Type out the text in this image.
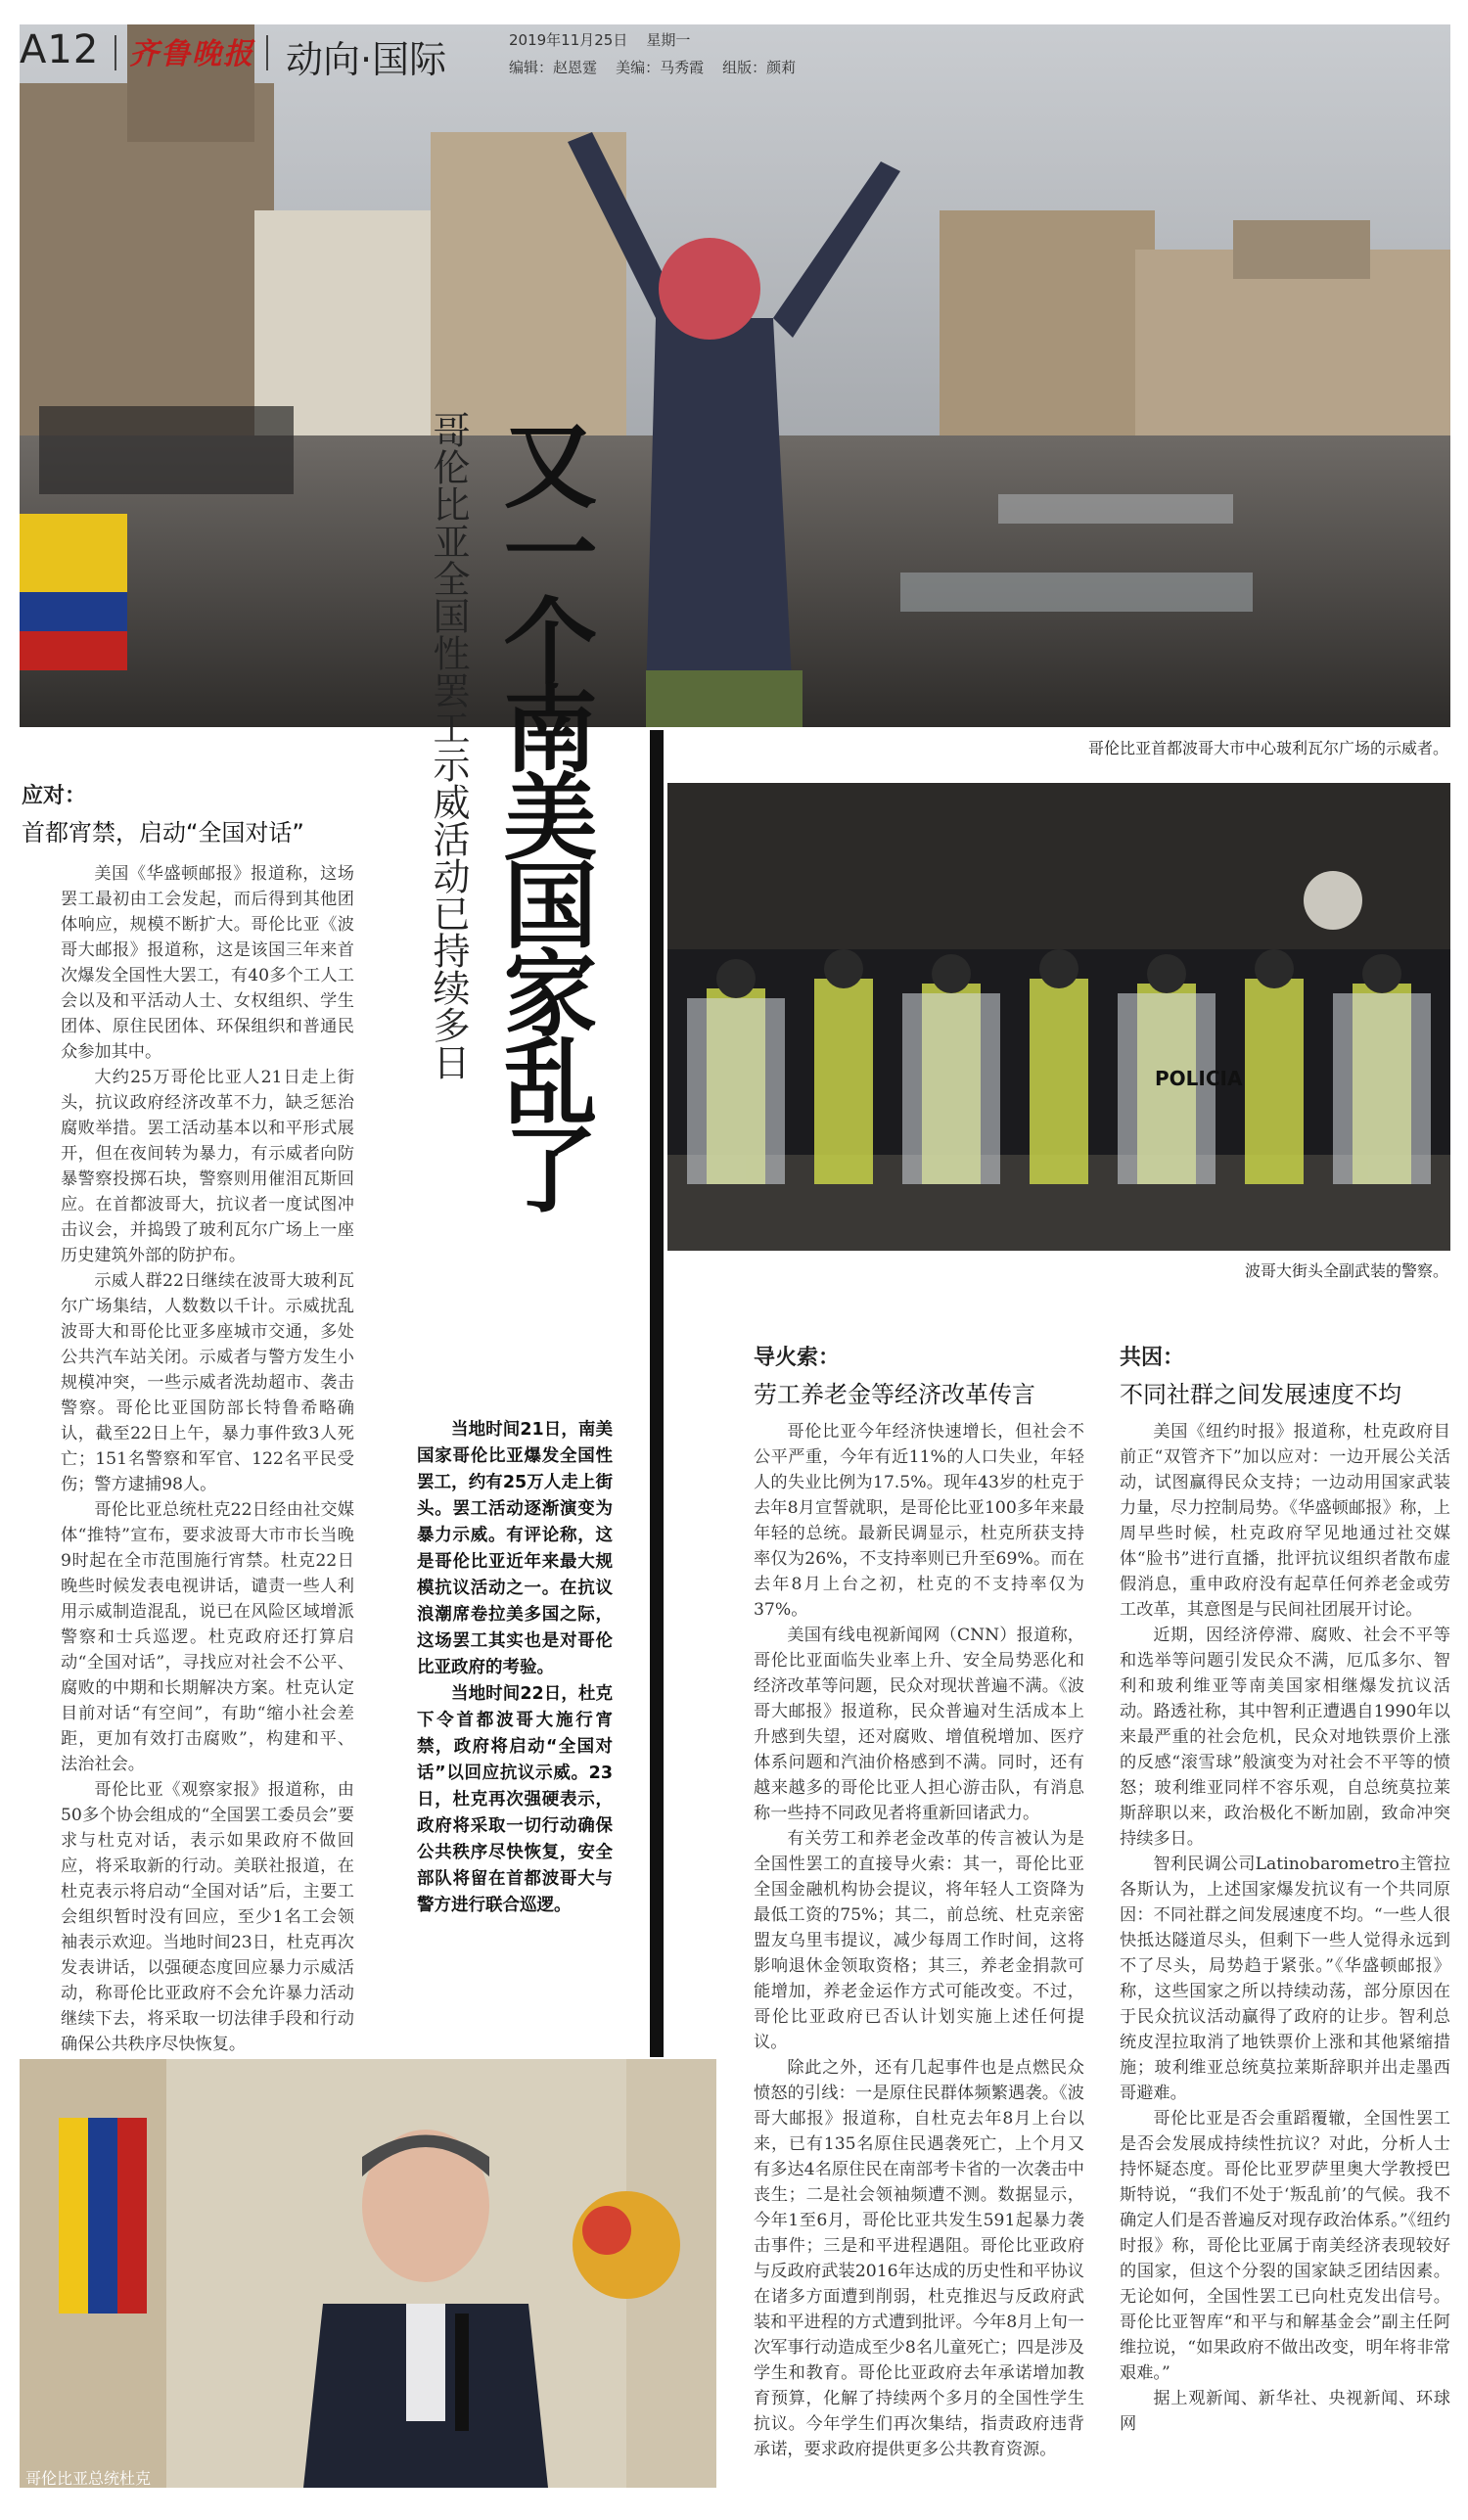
A12 齐鲁晚报 动向·国际	2019年11月25日    星期一
编辑：赵恩霆    美编：马秀霞    组版：颜莉
哥伦比亚首都波哥大市中心玻利瓦尔广场的示威者。
又一个南美国家乱了
哥伦比亚全国性罢工示威活动已持续多日
应对：
首都宵禁，启动“全国对话”

美国《华盛顿邮报》报道称，这场罢工最初由工会发起，而后得到其他团体响应，规模不断扩大。哥伦比亚《波哥大邮报》报道称，这是该国三年来首次爆发全国性大罢工，有40多个工人工会以及和平活动人士、女权组织、学生团体、原住民团体、环保组织和普通民众参加其中。

大约25万哥伦比亚人21日走上街头，抗议政府经济改革不力，缺乏惩治腐败举措。罢工活动基本以和平形式展开，但在夜间转为暴力，有示威者向防暴警察投掷石块，警察则用催泪瓦斯回应。在首都波哥大，抗议者一度试图冲击议会，并捣毁了玻利瓦尔广场上一座历史建筑外部的防护布。

示威人群22日继续在波哥大玻利瓦尔广场集结，人数数以千计。示威扰乱波哥大和哥伦比亚多座城市交通，多处公共汽车站关闭。示威者与警方发生小规模冲突，一些示威者洗劫超市、袭击警察。哥伦比亚国防部长特鲁希略确认，截至22日上午，暴力事件致3人死亡；151名警察和军官、122名平民受伤；警方逮捕98人。

哥伦比亚总统杜克22日经由社交媒体“推特”宣布，要求波哥大市市长当晚9时起在全市范围施行宵禁。杜克22日晚些时候发表电视讲话，谴责一些人利用示威制造混乱，说已在风险区域增派警察和士兵巡逻。杜克政府还打算启动“全国对话”，寻找应对社会不公平、腐败的中期和长期解决方案。杜克认定目前对话“有空间”，有助“缩小社会差距，更加有效打击腐败”，构建和平、法治社会。

哥伦比亚《观察家报》报道称，由50多个协会组成的“全国罢工委员会”要求与杜克对话，表示如果政府不做回应，将采取新的行动。美联社报道，在杜克表示将启动“全国对话”后，主要工会组织暂时没有回应，至少1名工会领袖表示欢迎。当地时间23日，杜克再次发表讲话，以强硬态度回应暴力示威活动，称哥伦比亚政府不会允许暴力活动继续下去，将采取一切法律手段和行动确保公共秩序尽快恢复。

当地时间21日，南美国家哥伦比亚爆发全国性罢工，约有25万人走上街头。罢工活动逐渐演变为暴力示威。有评论称，这是哥伦比亚近年来最大规模抗议活动之一。在抗议浪潮席卷拉美多国之际，这场罢工其实也是对哥伦比亚政府的考验。

当地时间22日，杜克下令首都波哥大施行宵禁，政府将启动“全国对话”以回应抗议示威。23日，杜克再次强硬表示，政府将采取一切行动确保公共秩序尽快恢复，安全部队将留在首都波哥大与警方进行联合巡逻。

POLICIA
波哥大街头全副武装的警察。
导火索：
劳工养老金等经济改革传言

哥伦比亚今年经济快速增长，但社会不公平严重，今年有近11%的人口失业，年轻人的失业比例为17.5%。现年43岁的杜克于去年8月宣誓就职，是哥伦比亚100多年来最年轻的总统。最新民调显示，杜克所获支持率仅为26%，不支持率则已升至69%。而在去年8月上台之初，杜克的不支持率仅为37%。

美国有线电视新闻网（CNN）报道称，哥伦比亚面临失业率上升、安全局势恶化和经济改革等问题，民众对现状普遍不满。《波哥大邮报》报道称，民众普遍对生活成本上升感到失望，还对腐败、增值税增加、医疗体系问题和汽油价格感到不满。同时，还有越来越多的哥伦比亚人担心游击队，有消息称一些持不同政见者将重新回诸武力。

有关劳工和养老金改革的传言被认为是全国性罢工的直接导火索：其一，哥伦比亚全国金融机构协会提议，将年轻人工资降为最低工资的75%；其二，前总统、杜克亲密盟友乌里韦提议，减少每周工作时间，这将影响退休金领取资格；其三，养老金捐款可能增加，养老金运作方式可能改变。不过，哥伦比亚政府已否认计划实施上述任何提议。

除此之外，还有几起事件也是点燃民众愤怒的引线：一是原住民群体频繁遇袭。《波哥大邮报》报道称，自杜克去年8月上台以来，已有135名原住民遇袭死亡，上个月又有多达4名原住民在南部考卡省的一次袭击中丧生；二是社会领袖频遭不测。数据显示，今年1至6月，哥伦比亚共发生591起暴力袭击事件；三是和平进程遇阻。哥伦比亚政府与反政府武装2016年达成的历史性和平协议在诸多方面遭到削弱，杜克推迟与反政府武装和平进程的方式遭到批评。今年8月上旬一次军事行动造成至少8名儿童死亡；四是涉及学生和教育。哥伦比亚政府去年承诺增加教育预算，化解了持续两个多月的全国性学生抗议。今年学生们再次集结，指责政府违背承诺，要求政府提供更多公共教育资源。

共因：
不同社群之间发展速度不均

美国《纽约时报》报道称，杜克政府目前正“双管齐下”加以应对：一边开展公关活动，试图赢得民众支持；一边动用国家武装力量，尽力控制局势。《华盛顿邮报》称，上周早些时候，杜克政府罕见地通过社交媒体“脸书”进行直播，批评抗议组织者散布虚假消息，重申政府没有起草任何养老金或劳工改革，其意图是与民间社团展开讨论。

近期，因经济停滞、腐败、社会不平等和选举等问题引发民众不满，厄瓜多尔、智利和玻利维亚等南美国家相继爆发抗议活动。路透社称，其中智利正遭遇自1990年以来最严重的社会危机，民众对地铁票价上涨的反感“滚雪球”般演变为对社会不平等的愤怒；玻利维亚同样不容乐观，自总统莫拉莱斯辞职以来，政治极化不断加剧，致命冲突持续多日。

智利民调公司Latinobarometro主管拉各斯认为，上述国家爆发抗议有一个共同原因：不同社群之间发展速度不均。“一些人很快抵达隧道尽头，但剩下一些人觉得永远到不了尽头，局势趋于紧张。”《华盛顿邮报》称，这些国家之所以持续动荡，部分原因在于民众抗议活动赢得了政府的让步。智利总统皮涅拉取消了地铁票价上涨和其他紧缩措施；玻利维亚总统莫拉莱斯辞职并出走墨西哥避难。

哥伦比亚是否会重蹈覆辙，全国性罢工是否会发展成持续性抗议？对此，分析人士持怀疑态度。哥伦比亚罗萨里奥大学教授巴斯特说，“我们不处于‘叛乱前’的气候。我不确定人们是否普遍反对现存政治体系。”《纽约时报》称，哥伦比亚属于南美经济表现较好的国家，但这个分裂的国家缺乏团结因素。无论如何，全国性罢工已向杜克发出信号。哥伦比亚智库“和平与和解基金会”副主任阿维拉说，“如果政府不做出改变，明年将非常艰难。”

据上观新闻、新华社、央视新闻、环球网

哥伦比亚总统杜克
